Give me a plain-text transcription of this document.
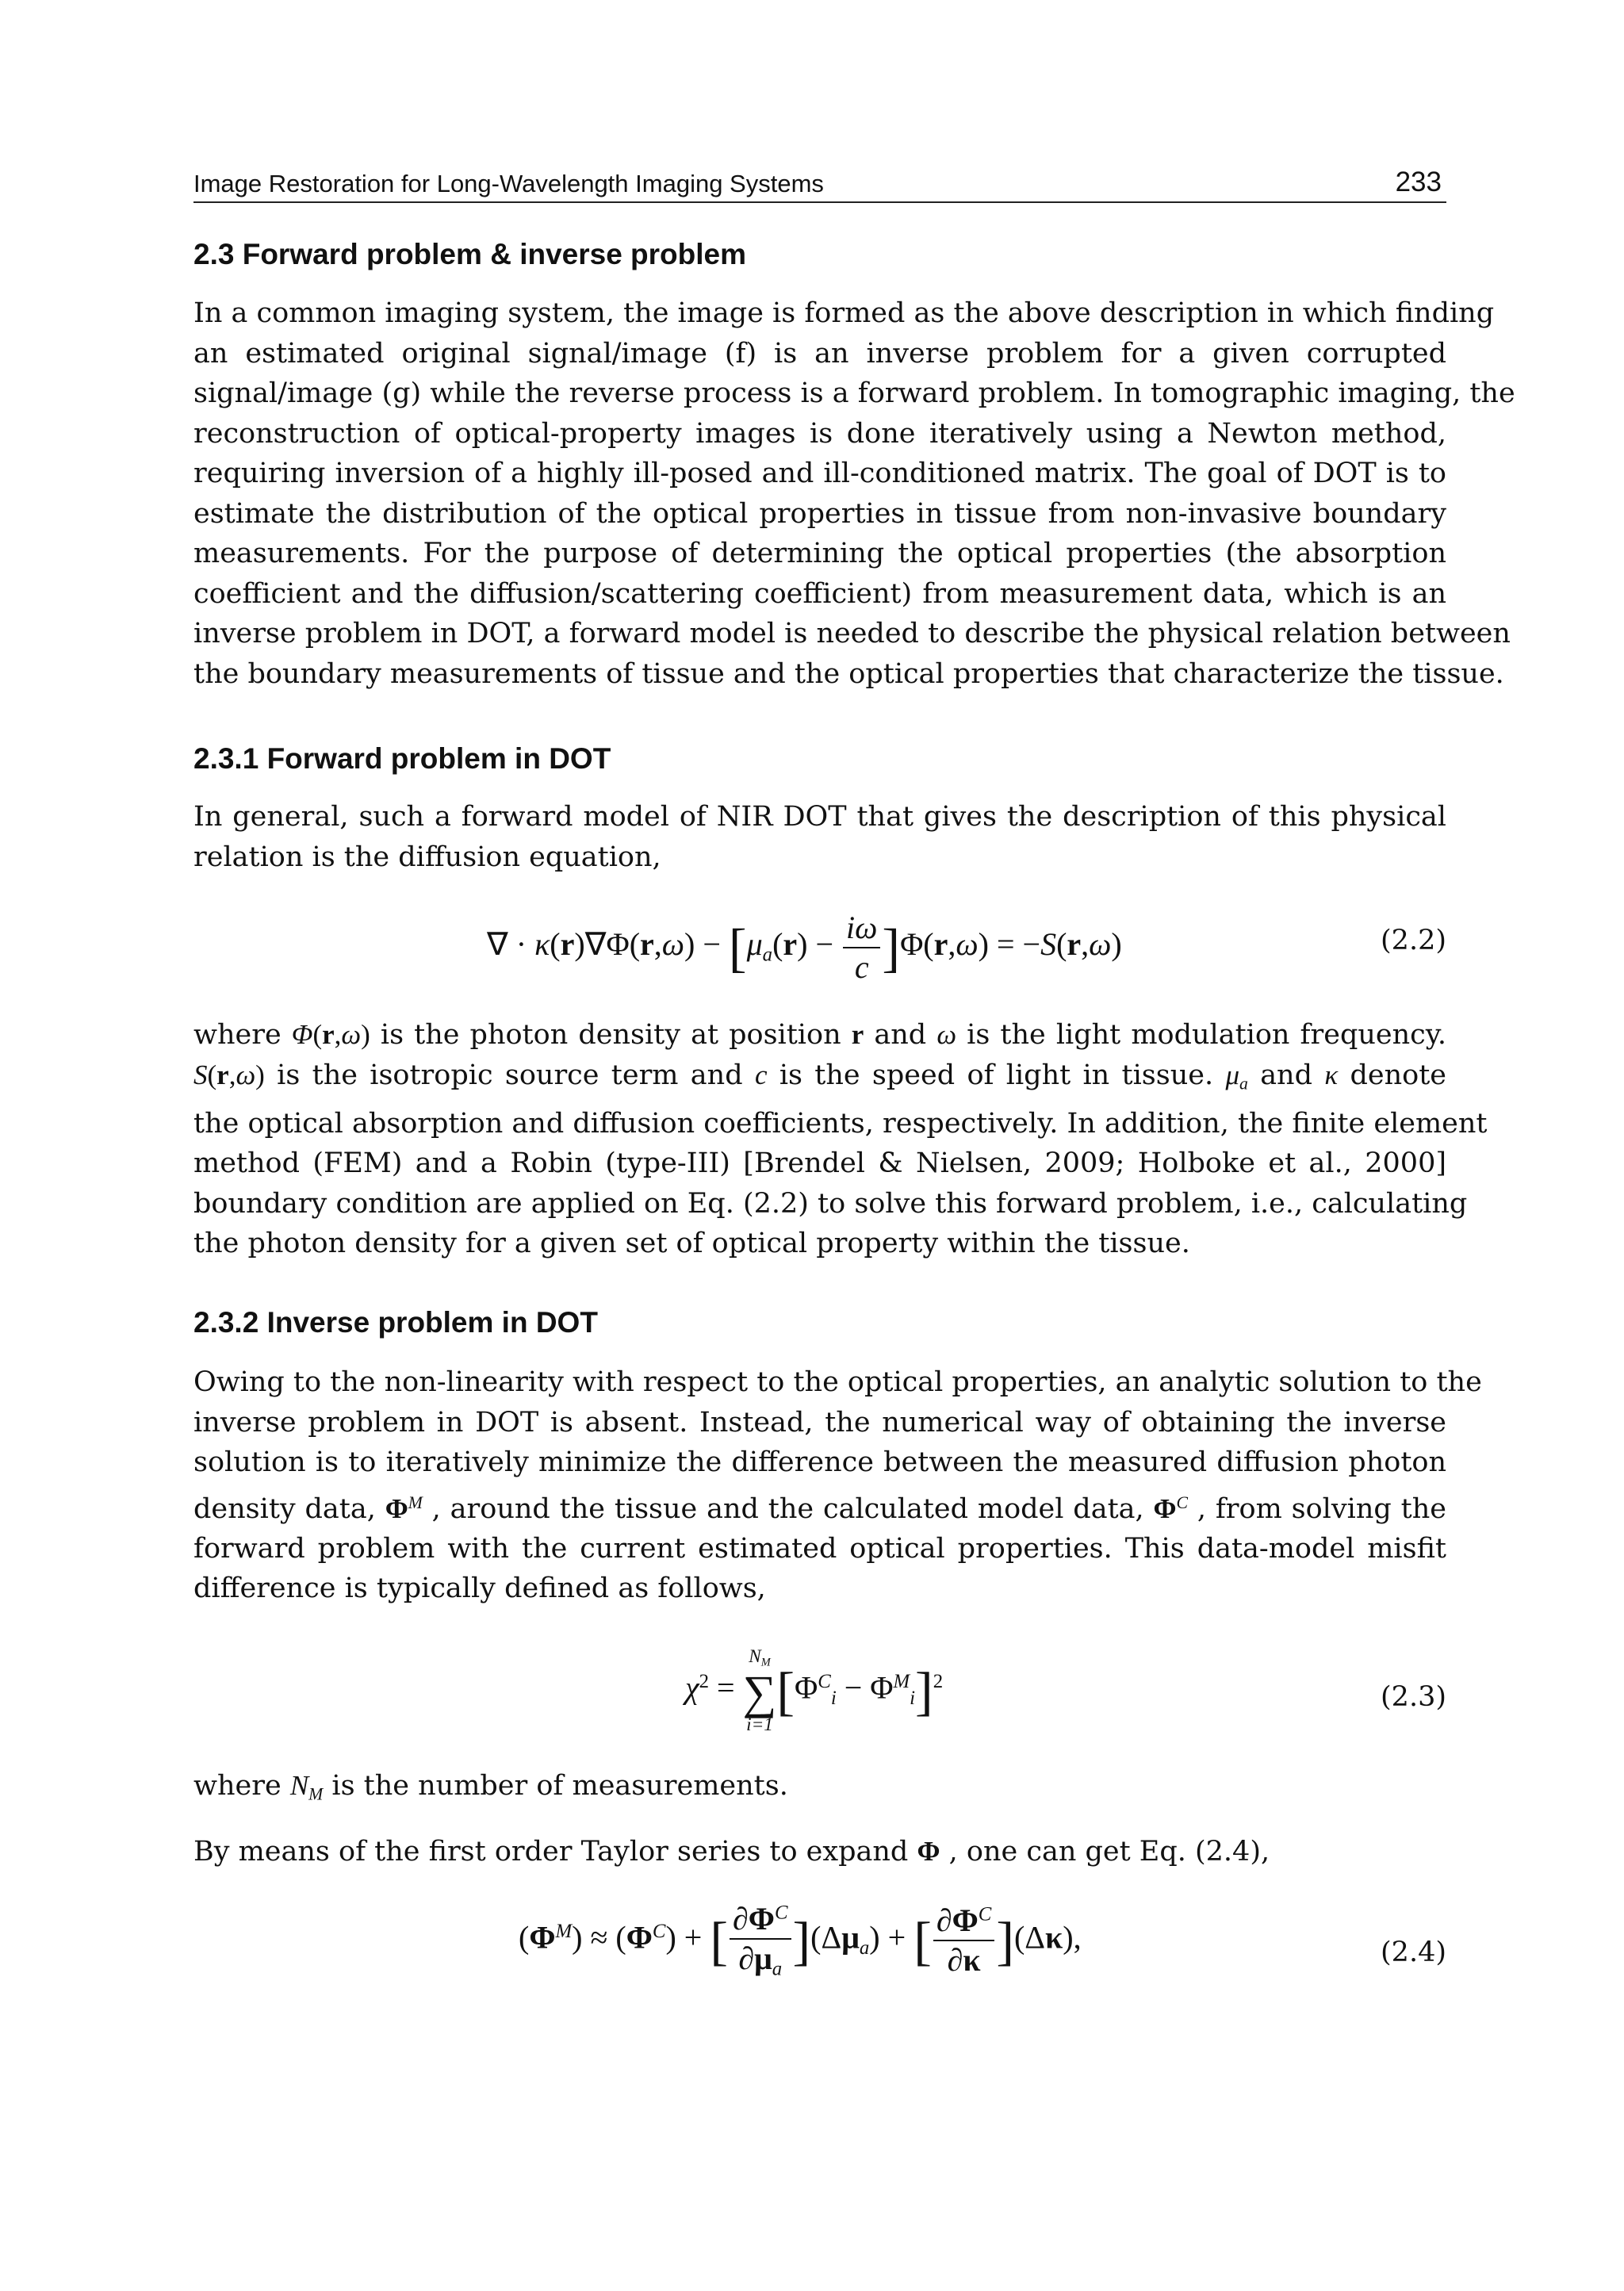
Image Restoration for Long-Wavelength Imaging Systems	233
2.3 Forward problem & inverse problem
In a common imaging system, the image is formed as the above description in which finding
an estimated original signal/image (f) is an inverse problem for a given corrupted
signal/image (g) while the reverse process is a forward problem. In tomographic imaging, the
reconstruction of optical-property images is done iteratively using a Newton method,
requiring inversion of a highly ill-posed and ill-conditioned matrix. The goal of DOT is to
estimate the distribution of the optical properties in tissue from non-invasive boundary
measurements. For the purpose of determining the optical properties (the absorption
coefficient and the diffusion/scattering coefficient) from measurement data, which is an
inverse problem in DOT, a forward model is needed to describe the physical relation between
the boundary measurements of tissue and the optical properties that characterize the tissue.
2.3.1 Forward problem in DOT
In general, such a forward model of NIR DOT that gives the description of this physical
relation is the diffusion equation,
∇ · $\kappa(r)\nabla\Phi(r,\omega) - [\mu_a(r) - \frac{i\omega}{c} ]\Phi(r,\omega) = -S(r,\omega)$	(2.2)
where Φ(r,ω) is the photon density at position r and ω is the light modulation frequency.
S(r,ω) is the isotropic source term and c is the speed of light in tissue. $\mu_a$ and κ denote
the optical absorption and diffusion coefficients, respectively. In addition, the finite element
method (FEM) and a Robin (type-III) [Brendel & Nielsen, 2009; Holboke et al., 2000]
boundary condition are applied on Eq. (2.2) to solve this forward problem, i.e., calculating
the photon density for a given set of optical property within the tissue.
2.3.2 Inverse problem in DOT
Owing to the non-linearity with respect to the optical properties, an analytic solution to the
inverse problem in DOT is absent. Instead, the numerical way of obtaining the inverse
solution is to iteratively minimize the difference between the measured diffusion photon
density data, $\Phi^M$ , around the tissue and the calculated model data, $\Phi^C$ , from solving the
forward problem with the current estimated optical properties. This data-model misfit
difference is typically defined as follows,
$\chi^2$ =
$N_M$
∑
i=1
$[\Phi^C_i - \Phi^M_i]^2$	(2.3)
where $N_M$ is the number of measurements.
By means of the first order Taylor series to expand Φ , one can get Eq. (2.4),
$(\Phi^M) \approx (\Phi^C)$ + [ $\frac{\partial\Phi^C}{\partial\mu_a} ](\Delta\mu_a)$ + [ $\frac{\partial\Phi^C}{\partial\kappa} ](\Delta\kappa)$,	(2.4)
